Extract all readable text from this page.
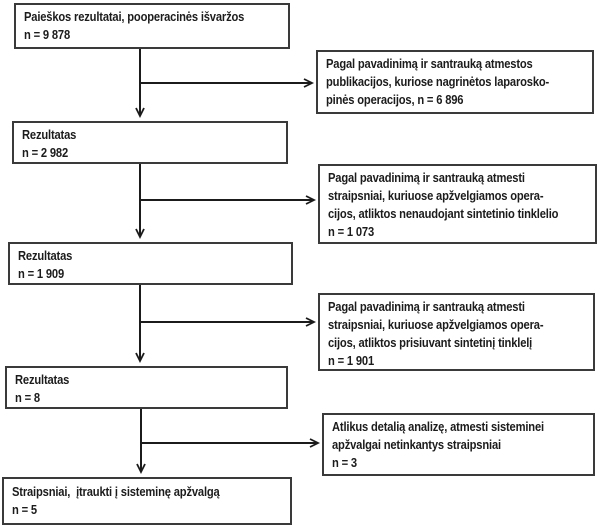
Paieškos rezultatai, pooperacinės išvaržos
n = 9 878
Pagal pavadinimą ir santrauką atmestos
publikacijos, kuriose nagrinėtos laparosko-
pinės operacijos, n = 6 896
Rezultatas
n = 2 982
Pagal pavadinimą ir santrauką atmesti
straipsniai, kuriuose apžvelgiamos opera-
cijos, atliktos nenaudojant sintetinio tinklelio
n = 1 073
Rezultatas
n = 1 909
Pagal pavadinimą ir santrauką atmesti
straipsniai, kuriuose apžvelgiamos opera-
cijos, atliktos prisiuvant sintetinį tinklelį
n = 1 901
Rezultatas
n = 8
Atlikus detalią analizę, atmesti sisteminei
apžvalgai netinkantys straipsniai
n = 3
Straipsniai,  įtraukti į sisteminę apžvalgą
n = 5
